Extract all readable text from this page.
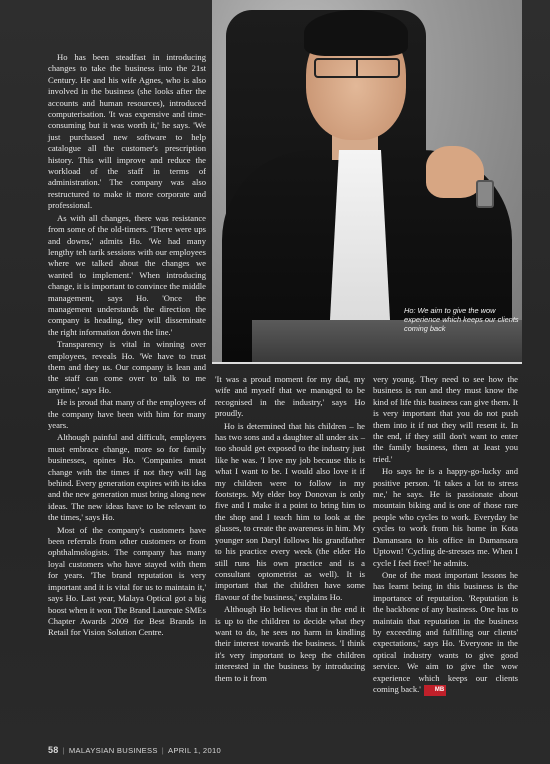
Ho: We aim to give the wow experience which keeps our clients coming back

Ho has been steadfast in introducing changes to take the business into the 21st Century. He and his wife Agnes, who is also involved in the business (she looks after the accounts and human resources), introduced computerisation. 'It was expensive and time-consuming but it was worth it,' he says. 'We just purchased new software to help catalogue all the customer's prescription history. This will improve and reduce the workload of the staff in terms of administration.' The company was also restructured to make it more corporate and professional.

As with all changes, there was resistance from some of the old-timers. 'There were ups and downs,' admits Ho. 'We had many lengthy teh tarik sessions with our employees where we talked about the changes we wanted to implement.' When introducing change, it is important to convince the middle management, says Ho. 'Once the management understands the direction the company is heading, they will disseminate the right information down the line.'

Transparency is vital in winning over employees, reveals Ho. 'We have to trust them and they us. Our company is lean and the staff can come over to talk to me anytime,' says Ho.

He is proud that many of the employees of the company have been with him for many years.

Although painful and difficult, employers must embrace change, more so for family businesses, opines Ho. 'Companies must change with the times if not they will lag behind. Every generation expires with its idea and the new generation must bring along new ideas. The new ideas have to be relevant to the times,' says Ho.

Most of the company's customers have been referrals from other customers or from ophthalmologists. The company has many loyal customers who have stayed with them for years. 'The brand reputation is very important and it is vital for us to maintain it,' says Ho. Last year, Malaya Optical got a big boost when it won The Brand Laureate SMEs Chapter Awards 2009 for Best Brands in Retail for Vision Solution Centre.

'It was a proud moment for my dad, my wife and myself that we managed to be recognised in the industry,' says Ho proudly.

Ho is determined that his children – he has two sons and a daughter all under six – too should get exposed to the industry just like he was. 'I love my job because this is what I want to be. I would also love it if my children were to follow in my footsteps. My elder boy Donovan is only five and I make it a point to bring him to the shop and I teach him to look at the glasses, to create the awareness in him. My younger son Daryl follows his grandfather to his practice every week (the elder Ho still runs his own practice and is a consultant optometrist as well). It is important that the children have some flavour of the business,' explains Ho.

Although Ho believes that in the end it is up to the children to decide what they want to do, he sees no harm in kindling their interest towards the business. 'I think it's very important to keep the children interested in the business by introducing them to it from

very young. They need to see how the business is run and they must know the kind of life this business can give them. It is very important that you do not push them into it if not they will resent it. In the end, if they still don't want to enter the family business, then at least you tried.'

Ho says he is a happy-go-lucky and positive person. 'It takes a lot to stress me,' he says. He is passionate about mountain biking and is one of those rare people who cycles to work. Everyday he cycles to work from his home in Kota Damansara to his office in Damansara Uptown! 'Cycling de-stresses me. When I cycle I feel free!' he admits.

One of the most important lessons he has learnt being in this business is the importance of reputation. 'Reputation is the backbone of any business. One has to maintain that reputation in the business by exceeding and fulfilling our clients' expectations,' says Ho. 'Everyone in the optical industry wants to give good service. We aim to give the wow experience which keeps our clients coming back.' MB

58 | MALAYSIAN BUSINESS | APRIL 1, 2010
